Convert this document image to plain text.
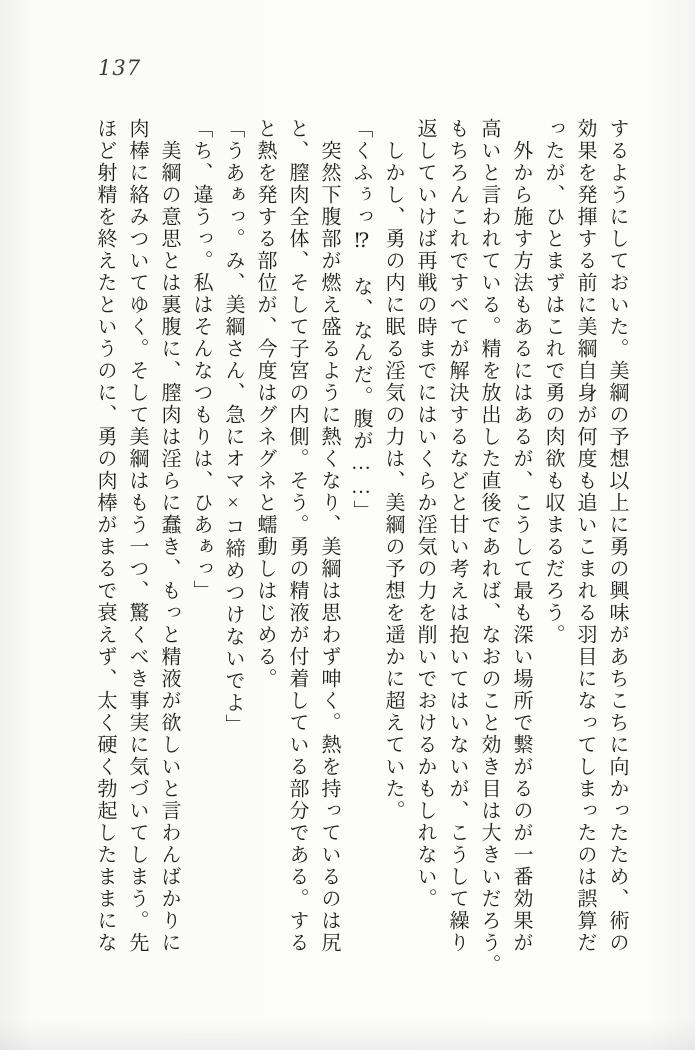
137

するようにしておいた。美綱の予想以上に勇の興味があちこちに向かったため、術の

効果を発揮する前に美綱自身が何度も追いこまれる羽目になってしまったのは誤算だ

ったが、ひとまずはこれで勇の肉欲も収まるだろう。

　外から施す方法もあるにはあるが、こうして最も深い場所で繋がるのが一番効果が

高いと言われている。精を放出した直後であれば、なおのこと効き目は大きいだろう。

もちろんこれですべてが解決するなどと甘い考えは抱いてはいないが、こうして繰り

返していけば再戦の時までにはいくらか淫気の力を削いでおけるかもしれない。

　しかし、勇の内に眠る淫気の力は、美綱の予想を遥かに超えていた。

「くふぅっ⁉　な、なんだ。腹が……」

　突然下腹部が燃え盛るように熱くなり、美綱は思わず呻く。熱を持っているのは尻

と、膣肉全体、そして子宮の内側。そう。勇の精液が付着している部分である。する

と熱を発する部位が、今度はグネグネと蠕動しはじめる。

「うあぁっ。み、美綱さん、急にオマ×コ締めつけないでよ」

「ち、違うっ。私はそんなつもりは、ひあぁっ」

　美綱の意思とは裏腹に、膣肉は淫らに蠢き、もっと精液が欲しいと言わんばかりに

肉棒に絡みついてゆく。そして美綱はもう一つ、驚くべき事実に気づいてしまう。先

ほど射精を終えたというのに、勇の肉棒がまるで衰えず、太く硬く勃起したままにな
